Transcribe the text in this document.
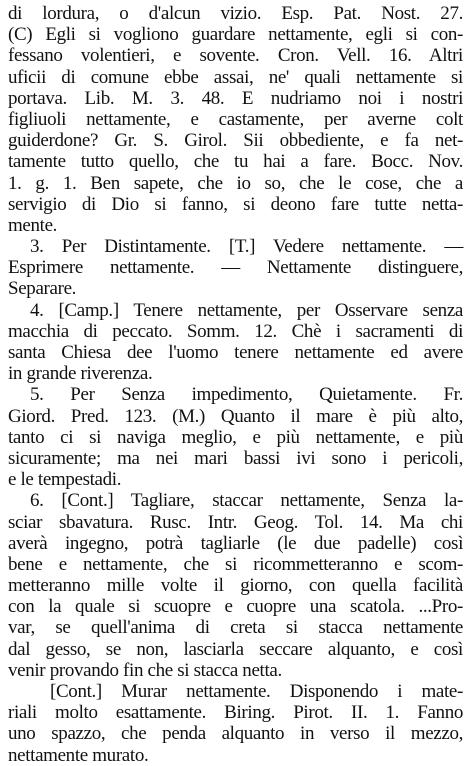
di lordura, o d'alcun vizio. Esp. Pat. Nost. 27.
(C) Egli si vogliono guardare nettamente, egli si con-
fessano volentieri, e sovente. Cron. Vell. 16. Altri
uficii di comune ebbe assai, ne' quali nettamente si
portava. Lib. M. 3. 48. E nudriamo noi i nostri
figliuoli nettamente, e castamente, per averne colt
guiderdone? Gr. S. Girol. Sii obbediente, e fa net-
tamente tutto quello, che tu hai a fare. Bocc. Nov.
1. g. 1. Ben sapete, che io so, che le cose, che a
servigio di Dio si fanno, si deono fare tutte netta-
mente.
3. Per Distintamente. [T.] Vedere nettamente. —
Esprimere nettamente. — Nettamente distinguere,
Separare.
4. [Camp.] Tenere nettamente, per Osservare senza
macchia di peccato. Somm. 12. Chè i sacramenti di
santa Chiesa dee l'uomo tenere nettamente ed avere
in grande riverenza.
5. Per Senza impedimento, Quietamente. Fr.
Giord. Pred. 123. (M.) Quanto il mare è più alto,
tanto ci si naviga meglio, e più nettamente, e più
sicuramente; ma nei mari bassi ivi sono i pericoli,
e le tempestadi.
6. [Cont.] Tagliare, staccar nettamente, Senza la-
sciar sbavatura. Rusc. Intr. Geog. Tol. 14. Ma chi
averà ingegno, potrà tagliarle (le due padelle) così
bene e nettamente, che si ricommetteranno e scom-
metteranno mille volte il giorno, con quella facilità
con la quale si scuopre e cuopre una scatola. ...Pro-
var, se quell'anima di creta si stacca nettamente
dal gesso, se non, lasciarla seccare alquanto, e così
venir provando fin che si stacca netta.
[Cont.] Murar nettamente. Disponendo i mate-
riali molto esattamente. Biring. Pirot. II. 1. Fanno
uno spazzo, che penda alquanto in verso il mezzo,
nettamente murato.
